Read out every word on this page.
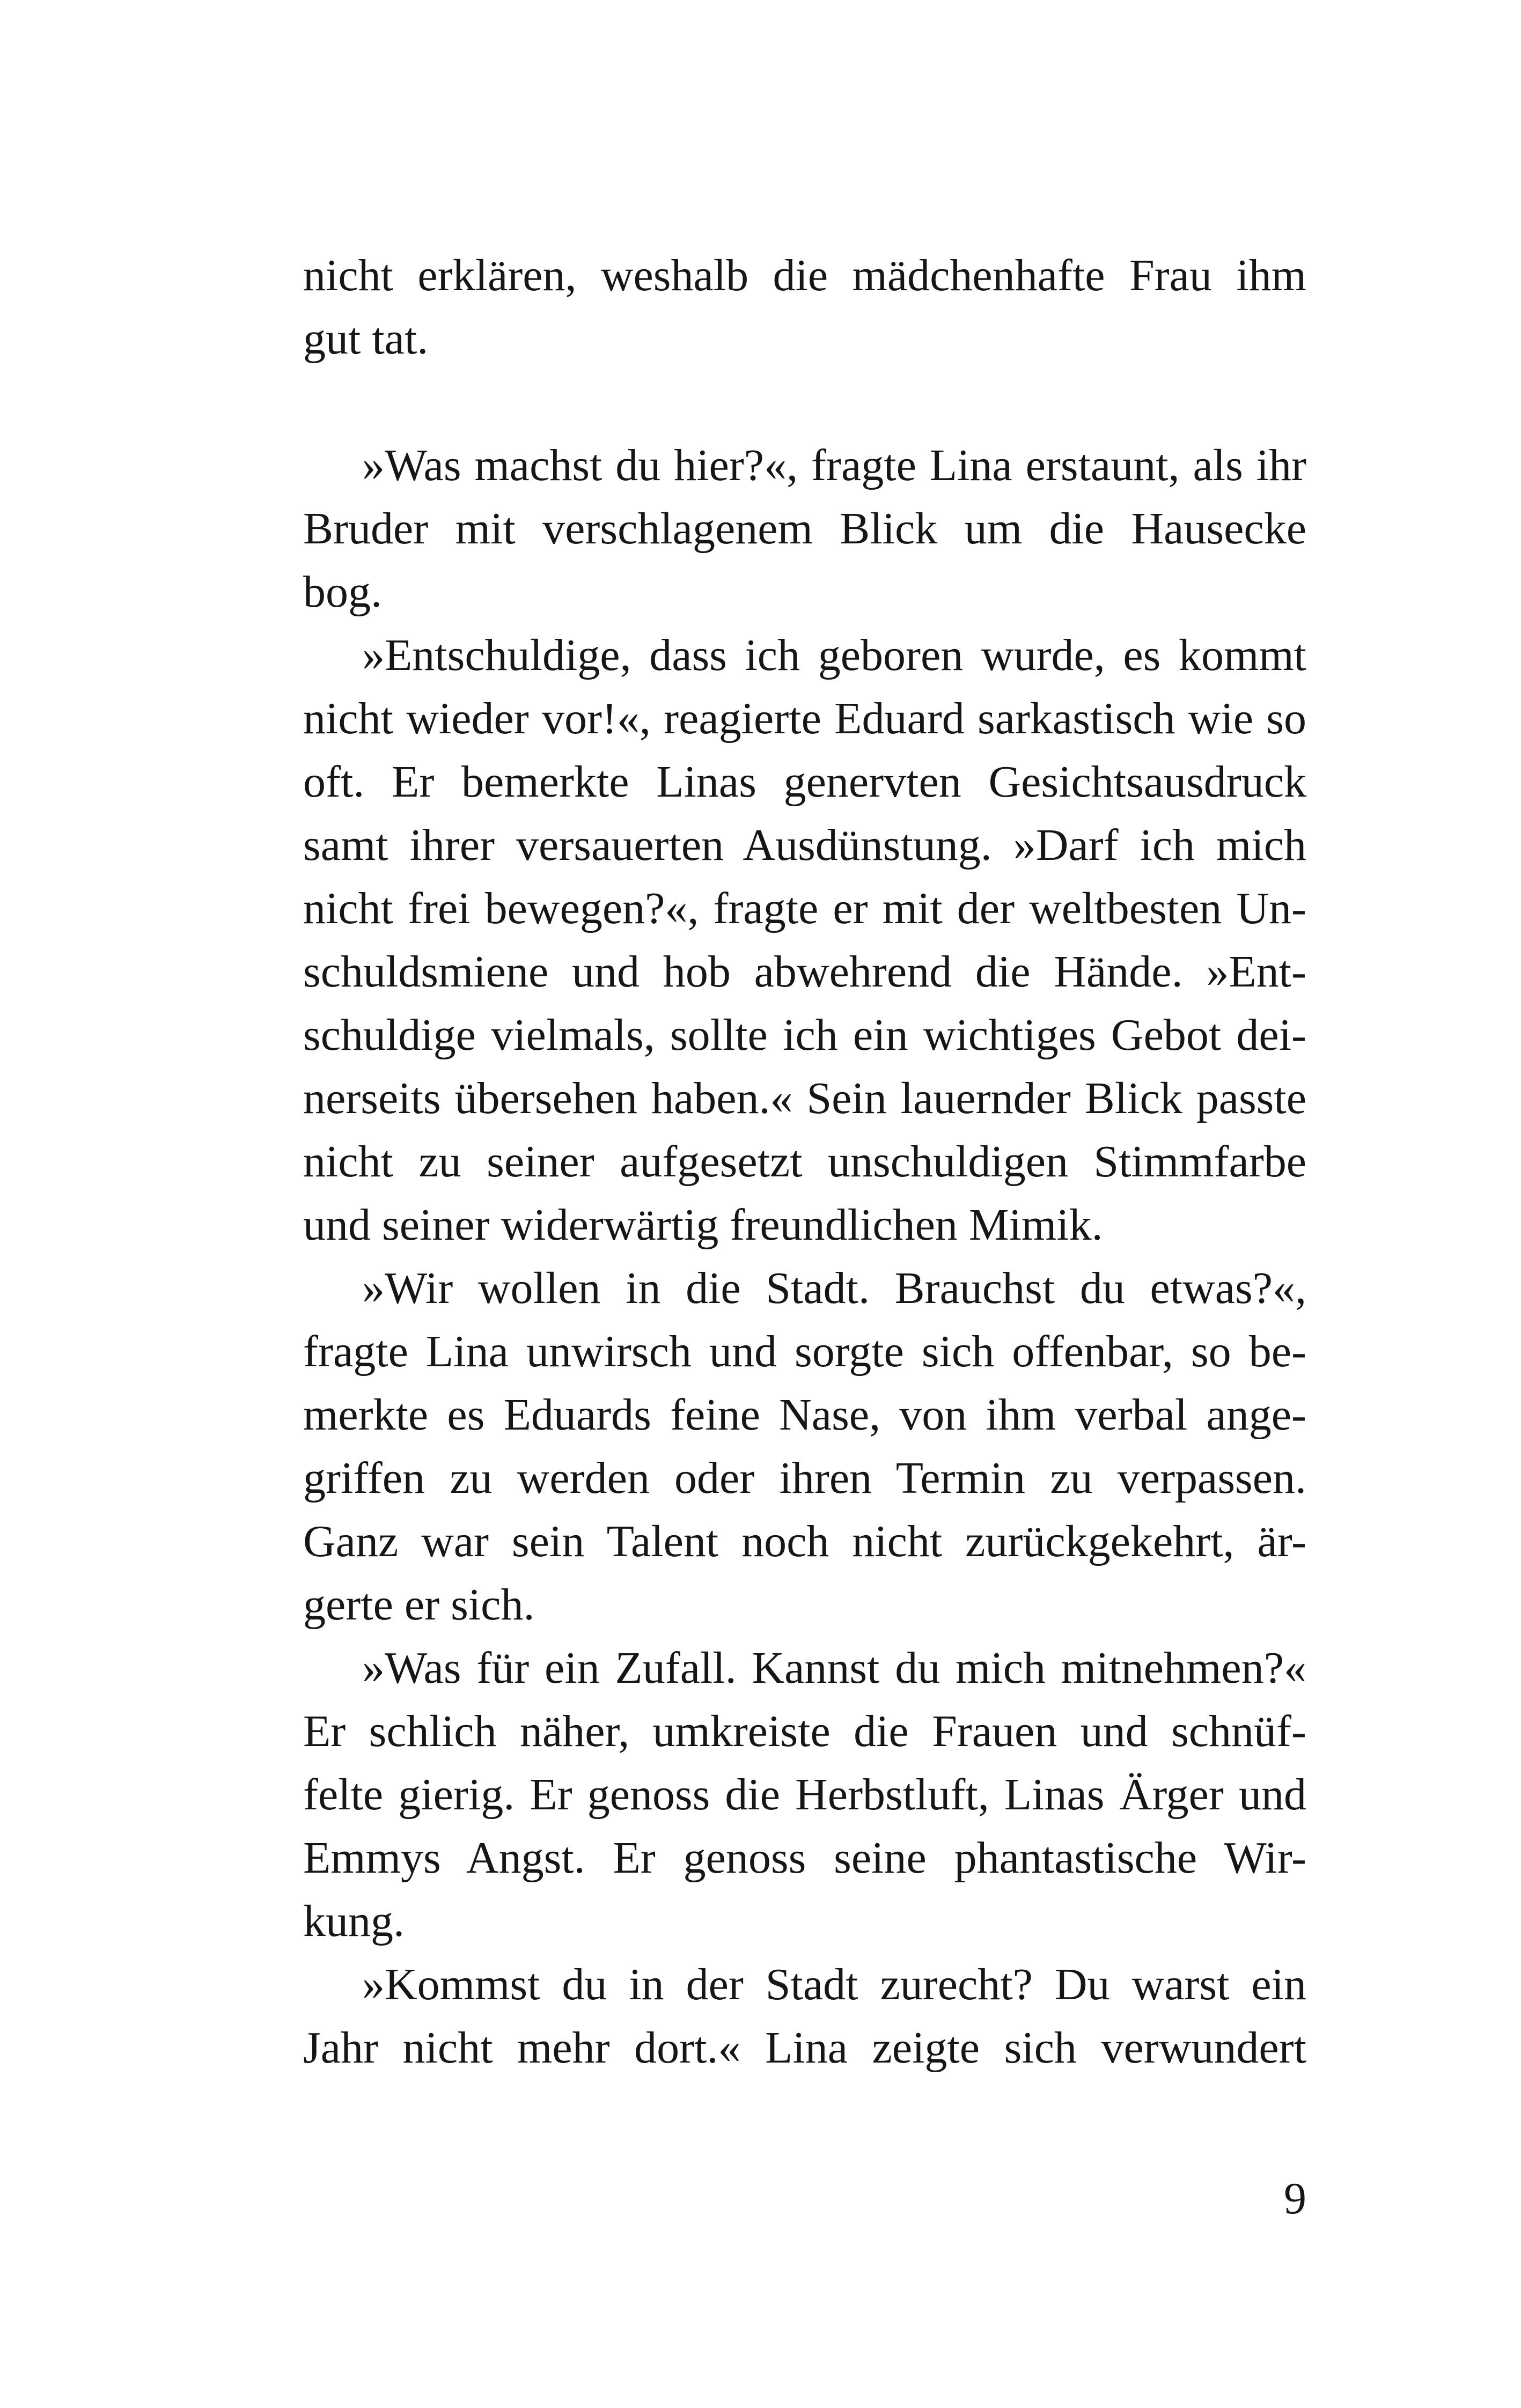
nicht erklären, weshalb die mädchenhafte Frau ihm
gut tat.
»Was machst du hier?«, fragte Lina erstaunt, als ihr
Bruder mit verschlagenem Blick um die Hausecke
bog.
»Entschuldige, dass ich geboren wurde, es kommt
nicht wieder vor!«, reagierte Eduard sarkastisch wie so
oft. Er bemerkte Linas genervten Gesichtsausdruck
samt ihrer versauerten Ausdünstung. »Darf ich mich
nicht frei bewegen?«, fragte er mit der weltbesten Un-
schuldsmiene und hob abwehrend die Hände. »Ent-
schuldige vielmals, sollte ich ein wichtiges Gebot dei-
nerseits übersehen haben.« Sein lauernder Blick passte
nicht zu seiner aufgesetzt unschuldigen Stimmfarbe
und seiner widerwärtig freundlichen Mimik.
»Wir wollen in die Stadt. Brauchst du etwas?«,
fragte Lina unwirsch und sorgte sich offenbar, so be-
merkte es Eduards feine Nase, von ihm verbal ange-
griffen zu werden oder ihren Termin zu verpassen.
Ganz war sein Talent noch nicht zurückgekehrt, är-
gerte er sich.
»Was für ein Zufall. Kannst du mich mitnehmen?«
Er schlich näher, umkreiste die Frauen und schnüf-
felte gierig. Er genoss die Herbstluft, Linas Ärger und
Emmys Angst. Er genoss seine phantastische Wir-
kung.
»Kommst du in der Stadt zurecht? Du warst ein
Jahr nicht mehr dort.« Lina zeigte sich verwundert
9
